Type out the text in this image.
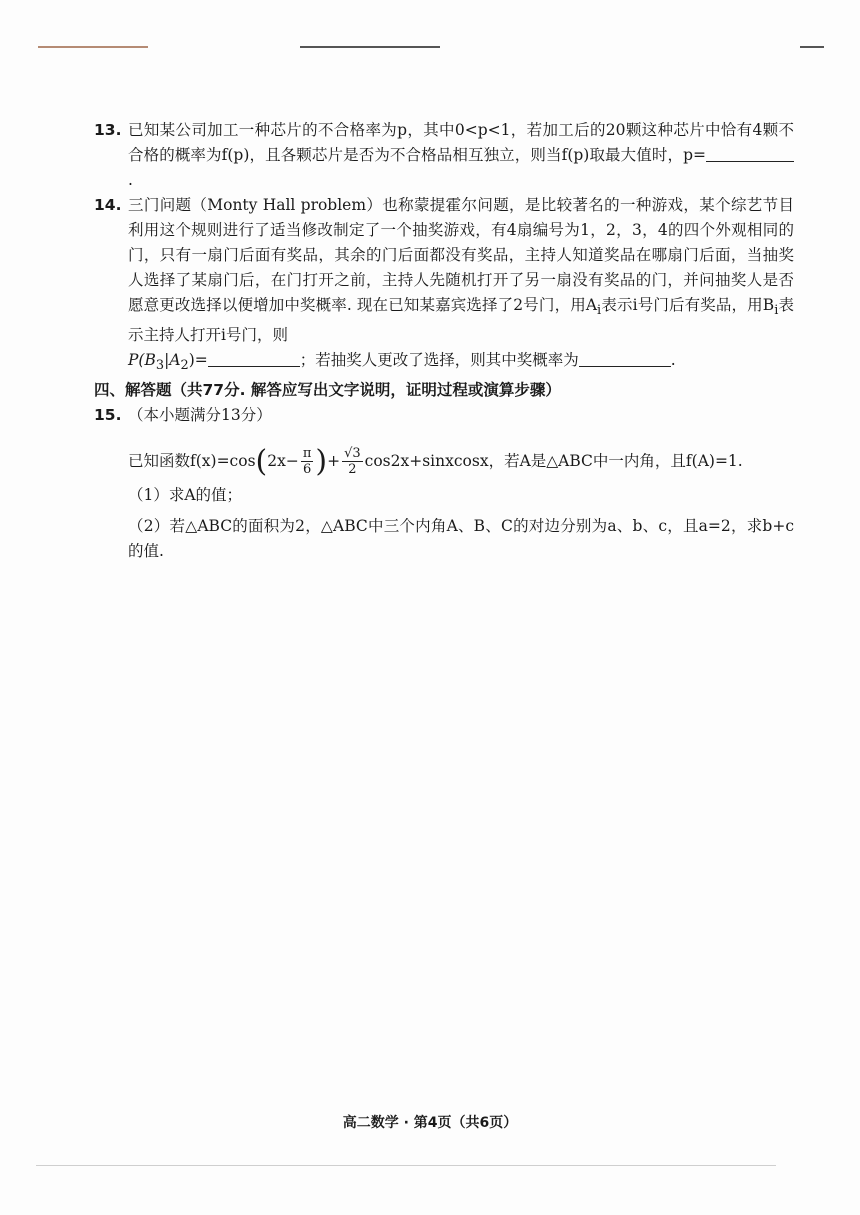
13. 已知某公司加工一种芯片的不合格率为p，其中0<p<1，若加工后的20颗这种芯片中恰有4颗不合格的概率为f(p)，且各颗芯片是否为不合格品相互独立，则当f(p)取最大值时，p=.

14. 三门问题（Monty Hall problem）也称蒙提霍尔问题，是比较著名的一种游戏，某个综艺节目利用这个规则进行了适当修改制定了一个抽奖游戏，有4扇编号为1，2，3，4的四个外观相同的门，只有一扇门后面有奖品，其余的门后面都没有奖品，主持人知道奖品在哪扇门后面，当抽奖人选择了某扇门后，在门打开之前，主持人先随机打开了另一扇没有奖品的门，并问抽奖人是否愿意更改选择以便增加中奖概率. 现在已知某嘉宾选择了2号门，用$A_i$表示i号门后有奖品，用$B_i$表示主持人打开i号门，则
$P(B_3|A_2)=$	；若抽奖人更改了选择，则其中奖概率为	.

四、解答题（共77分. 解答应写出文字说明，证明过程或演算步骤）

15. （本小题满分13分）

已知函数f(x)=cos ( $2x- \frac{\pi}{6}$ ) + $\frac{√3}{2}$ cos2x+sinxcosx，若A是△ABC中一内角，且f(A)=1.

（1）求A的值；

（2）若△ABC的面积为2，△ABC中三个内角A、B、C的对边分别为a、b、c，且a=2，求b+c的值.

高二数学 · 第4页（共6页）
